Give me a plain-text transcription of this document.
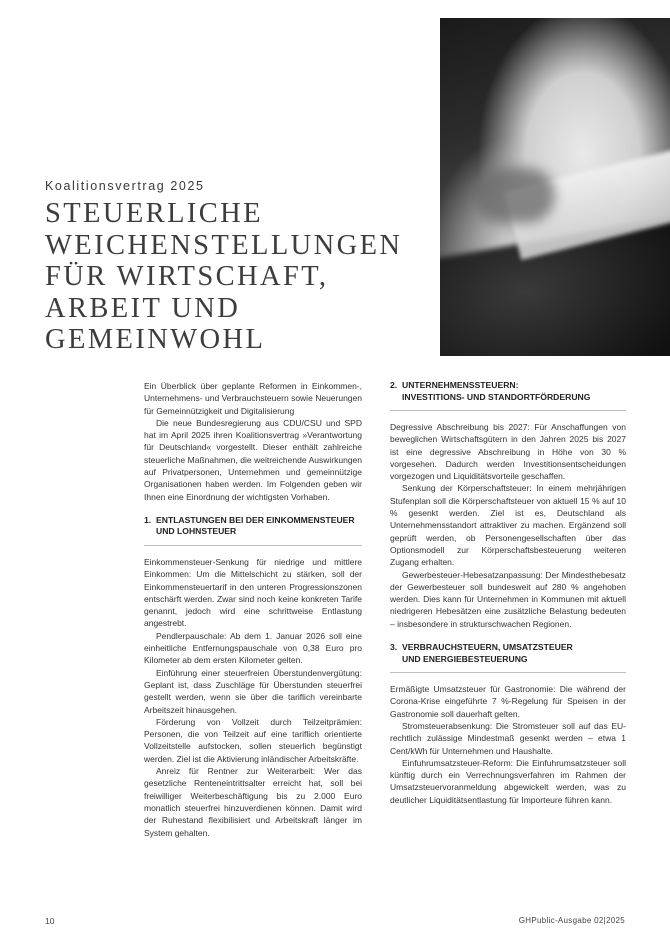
Koalitionsvertrag 2025
STEUERLICHE
WEICHENSTELLUNGEN
FÜR WIRTSCHAFT,
ARBEIT UND
GEMEINWOHL

Ein Überblick über geplante Reformen in Einkommen-, Unternehmens- und Verbrauchsteuern sowie Neuerungen für Gemeinnützigkeit und Digitalisierung

Die neue Bundesregierung aus CDU/CSU und SPD hat im April 2025 ihren Koalitionsvertrag »Verantwortung für Deutschland« vorgestellt. Dieser enthält zahlreiche steuerliche Maßnahmen, die weitreichende Auswirkungen auf Privatpersonen, Unternehmen und gemeinnützige Organisationen haben werden. Im Folgenden geben wir Ihnen eine Einordnung der wichtigsten Vorhaben.

1. ENTLASTUNGEN BEI DER EINKOMMENSTEUER
UND LOHNSTEUER

Einkommensteuer-Senkung für niedrige und mittlere Einkommen: Um die Mittelschicht zu stärken, soll der Einkommensteuertarif in den unteren Progressionszonen entschärft werden. Zwar sind noch keine konkreten Tarife genannt, jedoch wird eine schrittweise Entlastung angestrebt.

Pendlerpauschale: Ab dem 1. Januar 2026 soll eine einheitliche Entfernungspauschale von 0,38 Euro pro Kilometer ab dem ersten Kilometer gelten.

Einführung einer steuerfreien Überstundenvergütung: Geplant ist, dass Zuschläge für Überstunden steuerfrei gestellt werden, wenn sie über die tariflich vereinbarte Arbeitszeit hinausgehen.

Förderung von Vollzeit durch Teilzeitprämien: Personen, die von Teilzeit auf eine tariflich orientierte Vollzeitstelle aufstocken, sollen steuerlich begünstigt werden. Ziel ist die Aktivierung inländischer Arbeitskräfte.

Anreiz für Rentner zur Weiterarbeit: Wer das gesetzliche Renteneintrittsalter erreicht hat, soll bei freiwilliger Weiterbeschäftigung bis zu 2.000 Euro monatlich steuerfrei hinzuverdienen können. Damit wird der Ruhestand flexibilisiert und Arbeitskraft länger im System gehalten.

2. UNTERNEHMENSSTEUERN:
INVESTITIONS- UND STANDORTFÖRDERUNG

Degressive Abschreibung bis 2027: Für Anschaffungen von beweglichen Wirtschaftsgütern in den Jahren 2025 bis 2027 ist eine degressive Abschreibung in Höhe von 30 % vorgesehen. Dadurch werden Investitionsentscheidungen vorgezogen und Liquiditätsvorteile geschaffen.

Senkung der Körperschaftsteuer: In einem mehrjährigen Stufenplan soll die Körperschaftsteuer von aktuell 15 % auf 10 % gesenkt werden. Ziel ist es, Deutschland als Unternehmensstandort attraktiver zu machen. Ergänzend soll geprüft werden, ob Personengesellschaften über das Optionsmodell zur Körperschaftsbesteuerung weiteren Zugang erhalten.

Gewerbesteuer-Hebesatzanpassung: Der Mindesthebesatz der Gewerbesteuer soll bundesweit auf 280 % angehoben werden. Dies kann für Unternehmen in Kommunen mit aktuell niedrigeren Hebesätzen eine zusätzliche Belastung bedeuten – insbesondere in strukturschwachen Regionen.

3. VERBRAUCHSTEUERN, UMSATZSTEUER
UND ENERGIEBESTEUERUNG

Ermäßigte Umsatzsteuer für Gastronomie: Die während der Corona-Krise eingeführte 7 %-Regelung für Speisen in der Gastronomie soll dauerhaft gelten.

Stromsteuerabsenkung: Die Stromsteuer soll auf das EU-rechtlich zulässige Mindestmaß gesenkt werden – etwa 1 Cent/kWh für Unternehmen und Haushalte.

Einfuhrumsatzsteuer-Reform: Die Einfuhrumsatzsteuer soll künftig durch ein Verrechnungsverfahren im Rahmen der Umsatzsteuervoranmeldung abgewickelt werden, was zu deutlicher Liquiditätsentlastung für Importeure führen kann.

10	GHPublic-Ausgabe 02|2025
